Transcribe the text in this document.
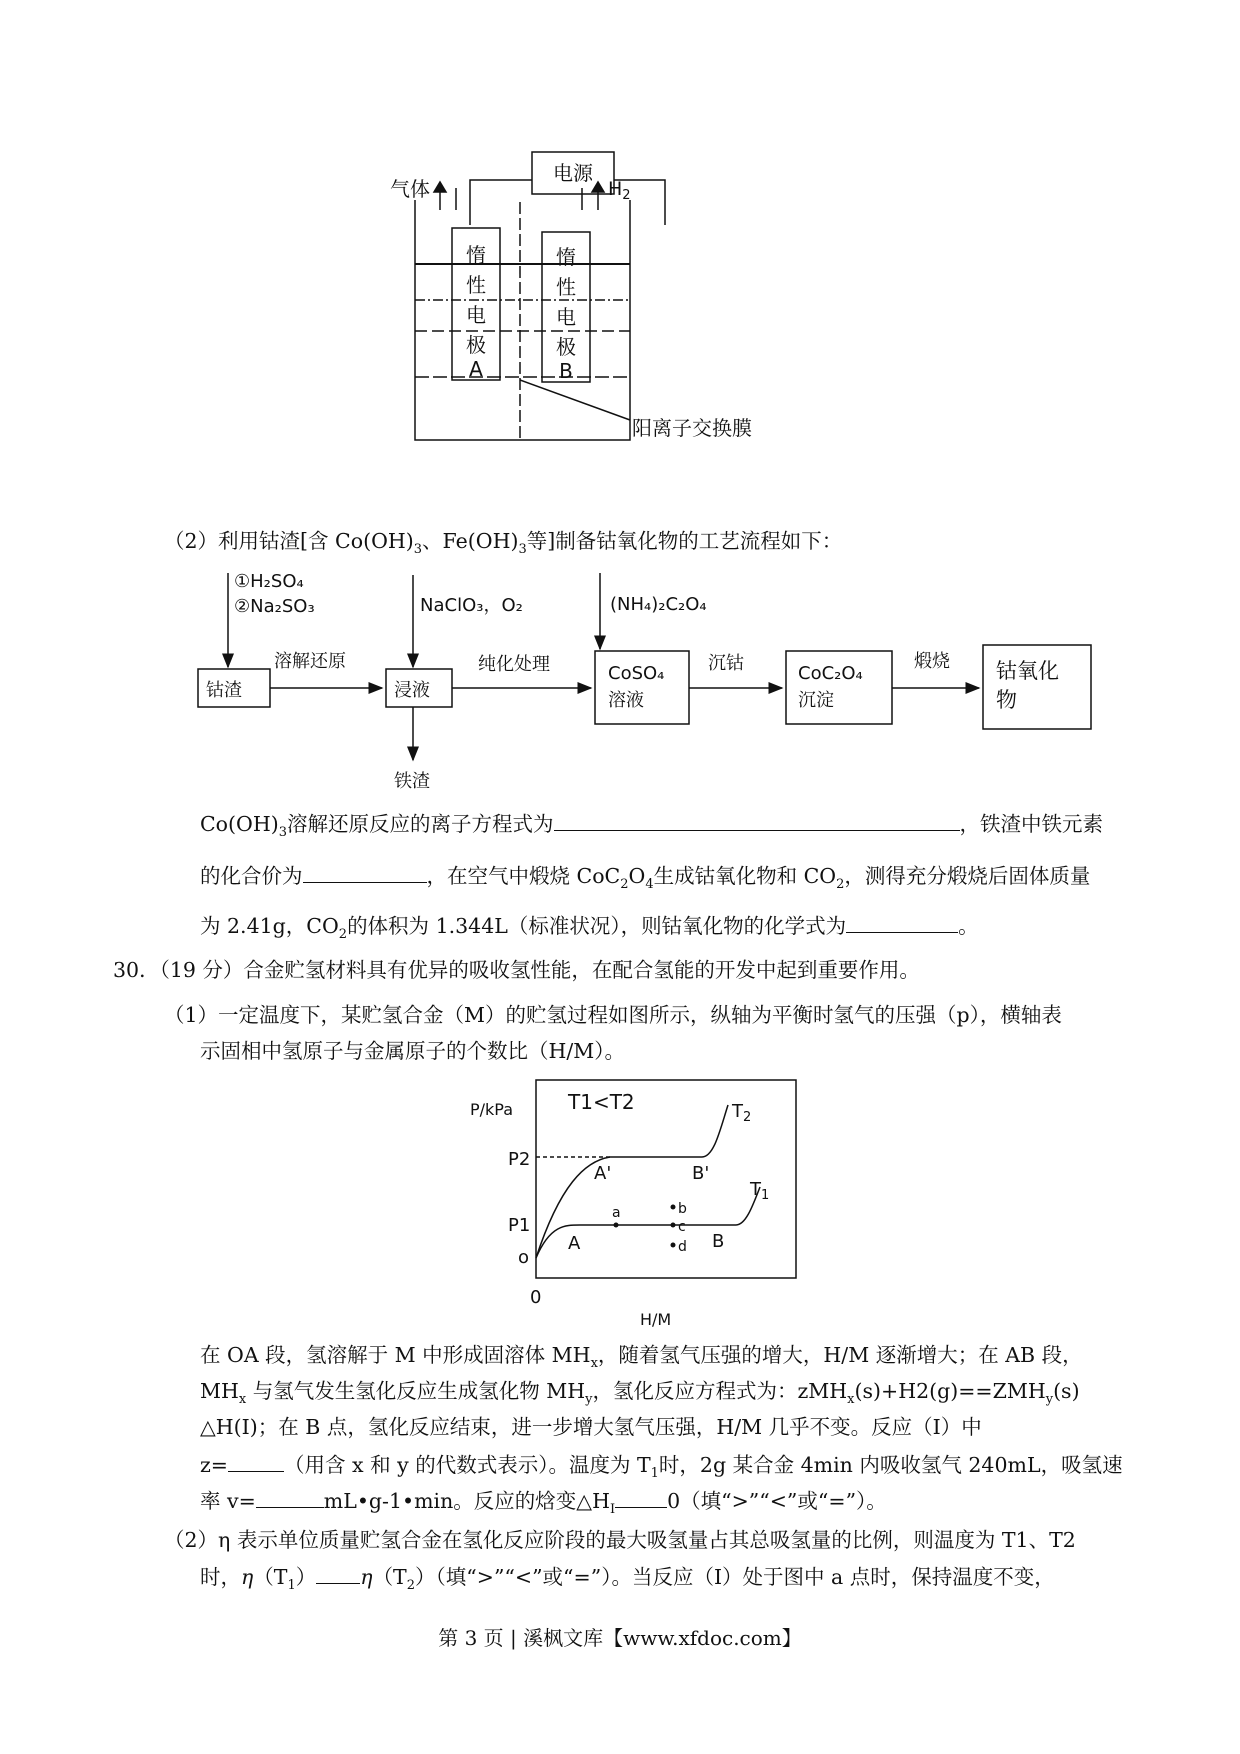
电源
气体	$H_2$
惰
性
电
极
A
惰
性
电
极
B
阳离子交换膜
（2）利用钴渣[含 $Co(OH)_3$、$Fe(OH)_3$等]制备钴氧化物的工艺流程如下：
①H₂SO₄
②Na₂SO₃	NaClO₃，O₂	(NH₄)₂C₂O₄
溶解还原	纯化处理	沉钴	煅烧
钴渣	浸液
CoSO₄
溶液
CoC₂O₄
沉淀
钴氧化
物
铁渣
$Co(OH)_3$溶解还原反应的离子方程式为	，铁渣中铁元素
的化合价为	，在空气中煅烧 $CoC_2O_4$生成钴氧化物和 $CO_2$，测得充分煅烧后固体质量
为 2.41g，$CO_2$的体积为 1.344L（标准状况），则钴氧化物的化学式为	。
30．（19 分）合金贮氢材料具有优异的吸收氢性能，在配合氢能的开发中起到重要作用。
（1）一定温度下，某贮氢合金（M）的贮氢过程如图所示，纵轴为平衡时氢气的压强（p），横轴表
示固相中氢原子与金属原子的个数比（H/M）。
P/kPa	T1<T2	$T_2$
$T_1$
P2
P1
o
0
H/M
A'	B'
A	B
a	b
c
d
在 OA 段，氢溶解于 M 中形成固溶体 $MH_x$，随着氢气压强的增大，H/M 逐渐增大；在 AB 段，
$MH_x$ 与氢气发生氢化反应生成氢化物 $MH_y$，氢化反应方程式为：$zMH_x(s)+H2(g)==ZMH_y(s)$
△H(Ⅰ)；在 B 点，氢化反应结束，进一步增大氢气压强，H/M 几乎不变。反应（Ⅰ）中
z=	（用含 x 和 y 的代数式表示）。温度为 $T_1$时，2g 某合金 4min 内吸收氢气 240mL，吸氢速
率 v=	mL•g-1•min。反应的焓变$\triangle H_I$	0（填“>”“<”或“=”）。
（2）η 表示单位质量贮氢合金在氢化反应阶段的最大吸氢量占其总吸氢量的比例，则温度为 T1、T2
时，$\eta(T_1)$ $\eta(T_2)$（填“>”“<”或“=”）。当反应（Ⅰ）处于图中 a 点时，保持温度不变，
第 3 页 | 溪枫文库【www.xfdoc.com】
